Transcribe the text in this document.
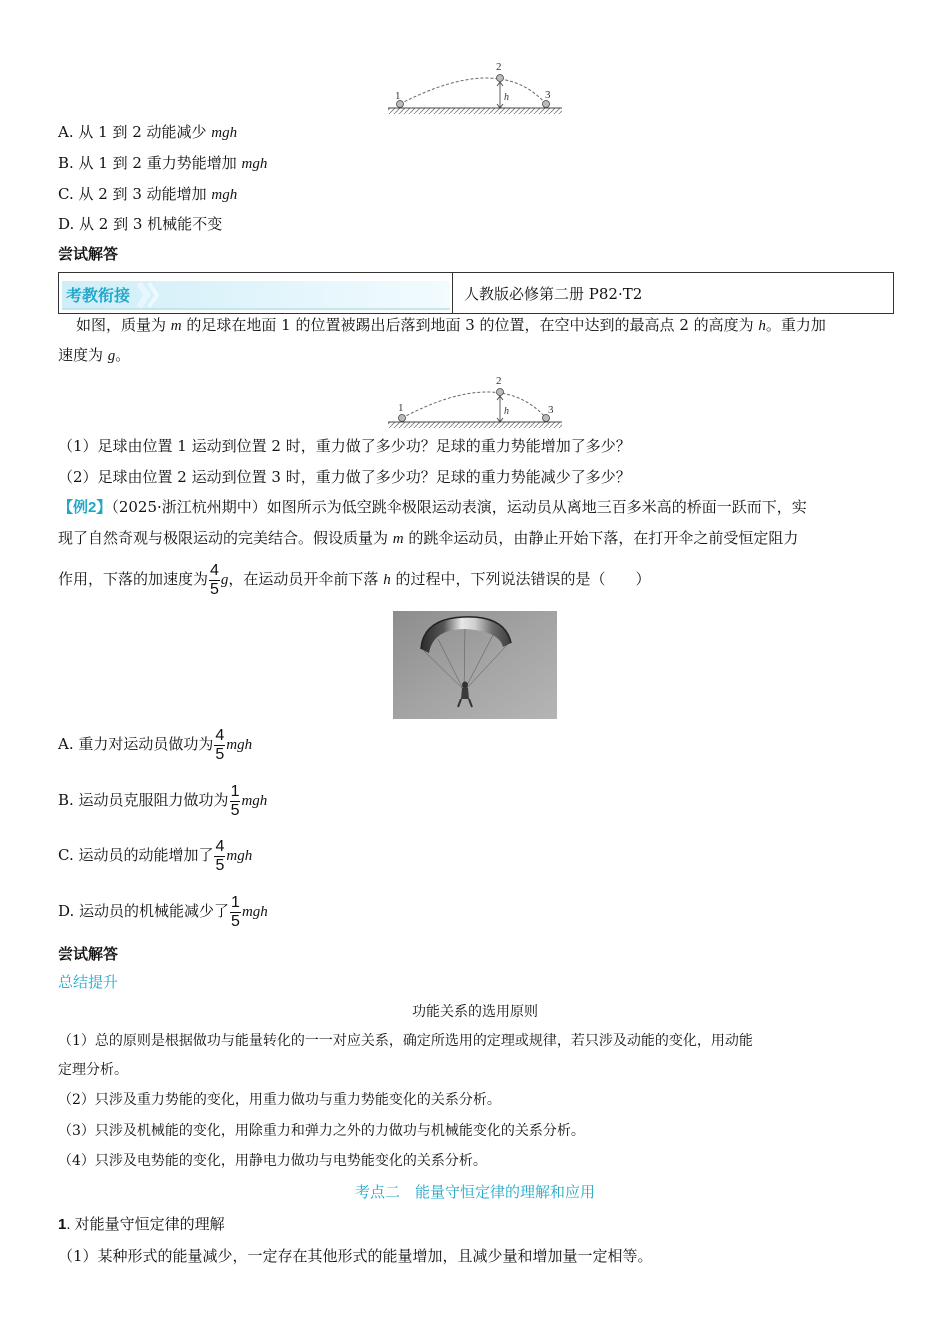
1
2
3
h
A. 从 1 到 2 动能减少 mgh
B. 从 1 到 2 重力势能增加 mgh
C. 从 2 到 3 动能增加 mgh
D. 从 2 到 3 机械能不变
尝试解答
考教衔接	人教版必修第二册 P82·T2
如图，质量为 m 的足球在地面 1 的位置被踢出后落到地面 3 的位置，在空中达到的最高点 2 的高度为 h。重力加
速度为 g。
1
2
3
h
（1）足球由位置 1 运动到位置 2 时，重力做了多少功？足球的重力势能增加了多少？
（2）足球由位置 2 运动到位置 3 时，重力做了多少功？足球的重力势能减少了多少？
【例2】（2025·浙江杭州期中）如图所示为低空跳伞极限运动表演，运动员从离地三百多米高的桥面一跃而下，实
现了自然奇观与极限运动的完美结合。假设质量为 m 的跳伞运动员，由静止开始下落，在打开伞之前受恒定阻力
作用，下落的加速度为 $\frac{4}{5}$ g，在运动员开伞前下落 h 的过程中，下列说法错误的是（　　）
A. 重力对运动员做功为 $\frac{4}{5}$ mgh
B. 运动员克服阻力做功为 $\frac{1}{5}$ mgh
C. 运动员的动能增加了 $\frac{4}{5}$ mgh
D. 运动员的机械能减少了 $\frac{1}{5}$ mgh
尝试解答
总结提升
功能关系的选用原则
（1）总的原则是根据做功与能量转化的一一对应关系，确定所选用的定理或规律，若只涉及动能的变化，用动能
定理分析。
（2）只涉及重力势能的变化，用重力做功与重力势能变化的关系分析。
（3）只涉及机械能的变化，用除重力和弹力之外的力做功与机械能变化的关系分析。
（4）只涉及电势能的变化，用静电力做功与电势能变化的关系分析。
考点二　能量守恒定律的理解和应用
1. 对能量守恒定律的理解
（1）某种形式的能量减少，一定存在其他形式的能量增加，且减少量和增加量一定相等。
